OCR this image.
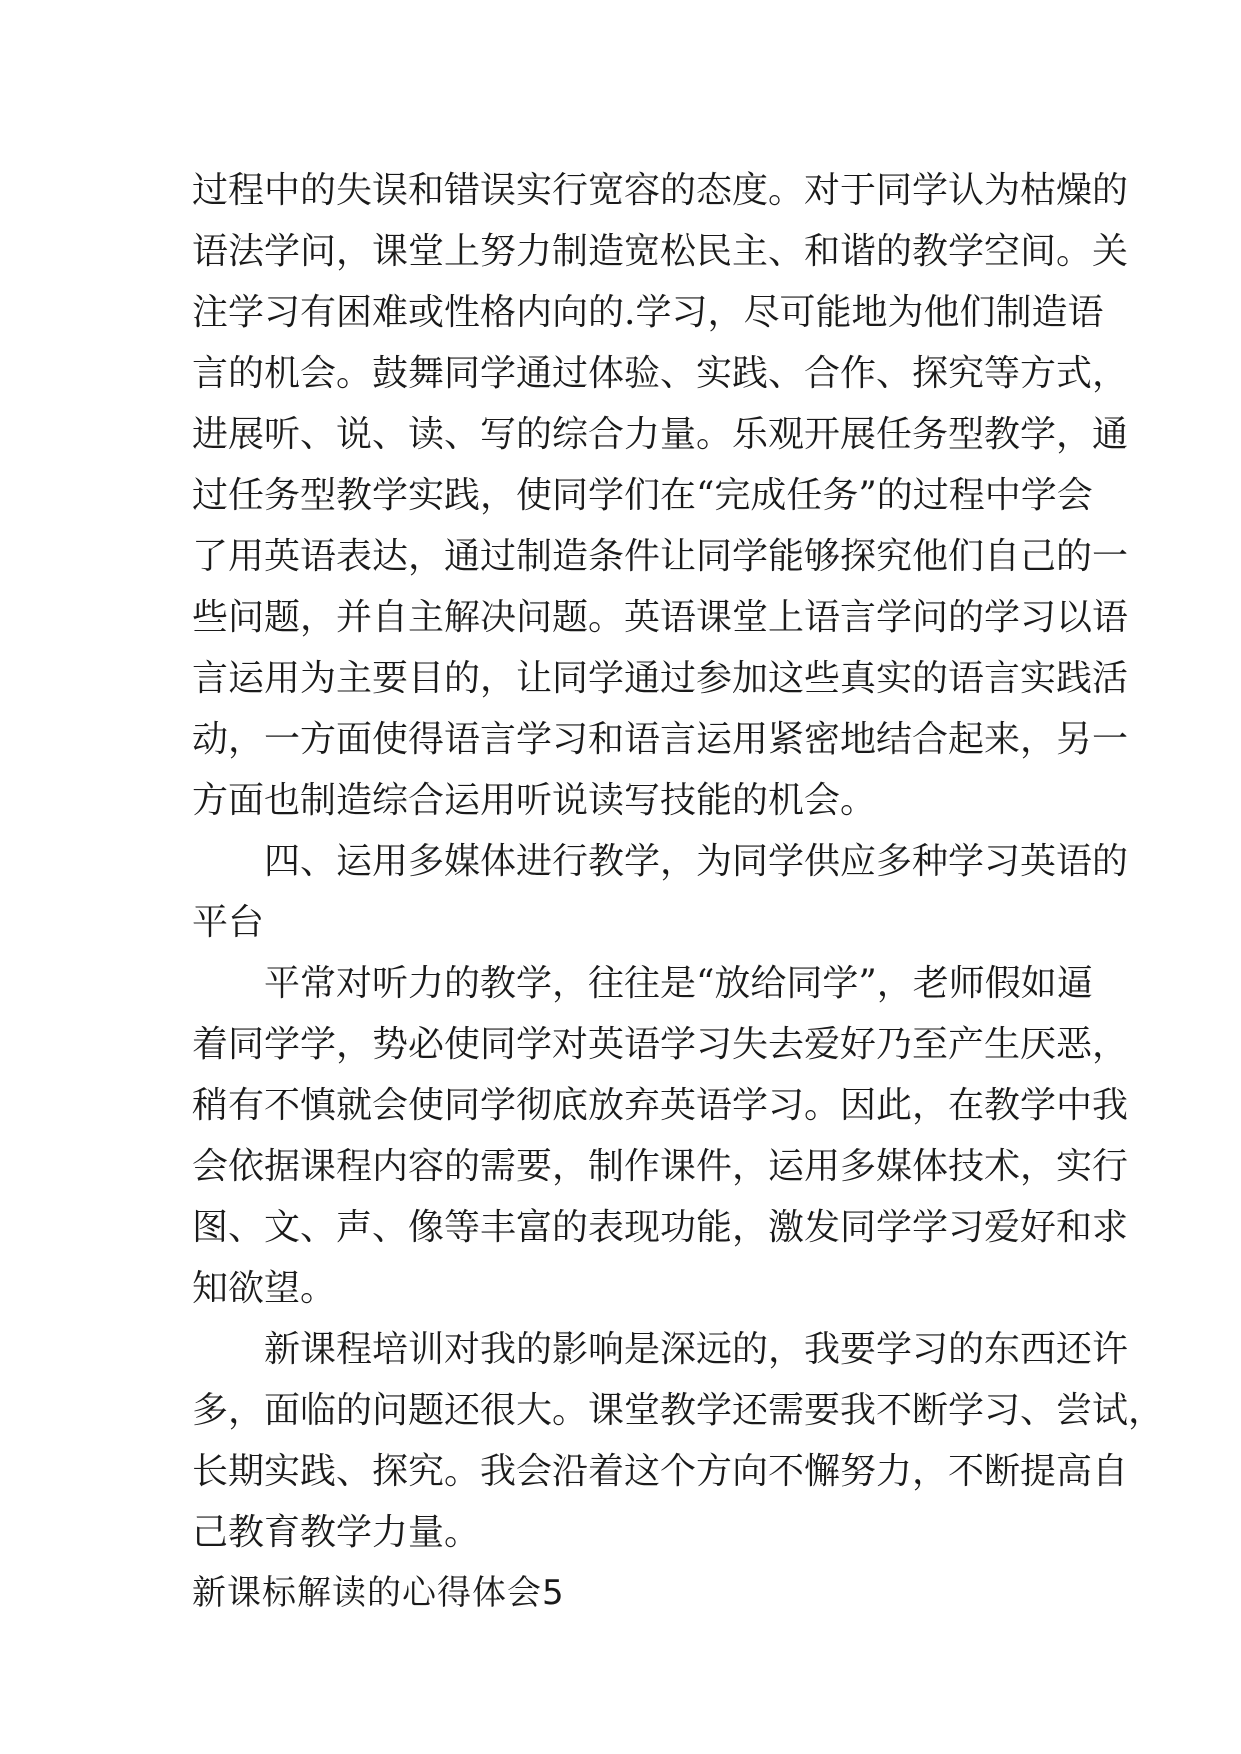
过程中的失误和错误实行宽容的态度。对于同学认为枯燥的
语法学问，课堂上努力制造宽松民主、和谐的教学空间。关
注学习有困难或性格内向的.学习，尽可能地为他们制造语
言的机会。鼓舞同学通过体验、实践、合作、探究等方式，
进展听、说、读、写的综合力量。乐观开展任务型教学，通
过任务型教学实践，使同学们在“完成任务”的过程中学会
了用英语表达，通过制造条件让同学能够探究他们自己的一
些问题，并自主解决问题。英语课堂上语言学问的学习以语
言运用为主要目的，让同学通过参加这些真实的语言实践活
动，一方面使得语言学习和语言运用紧密地结合起来，另一
方面也制造综合运用听说读写技能的机会。
四、运用多媒体进行教学，为同学供应多种学习英语的
平台
平常对听力的教学，往往是“放给同学”，老师假如逼
着同学学，势必使同学对英语学习失去爱好乃至产生厌恶，
稍有不慎就会使同学彻底放弃英语学习。因此，在教学中我
会依据课程内容的需要，制作课件，运用多媒体技术，实行
图、文、声、像等丰富的表现功能，激发同学学习爱好和求
知欲望。
新课程培训对我的影响是深远的，我要学习的东西还许
多，面临的问题还很大。课堂教学还需要我不断学习、尝试，
长期实践、探究。我会沿着这个方向不懈努力，不断提高自
己教育教学力量。
新课标解读的心得体会5
